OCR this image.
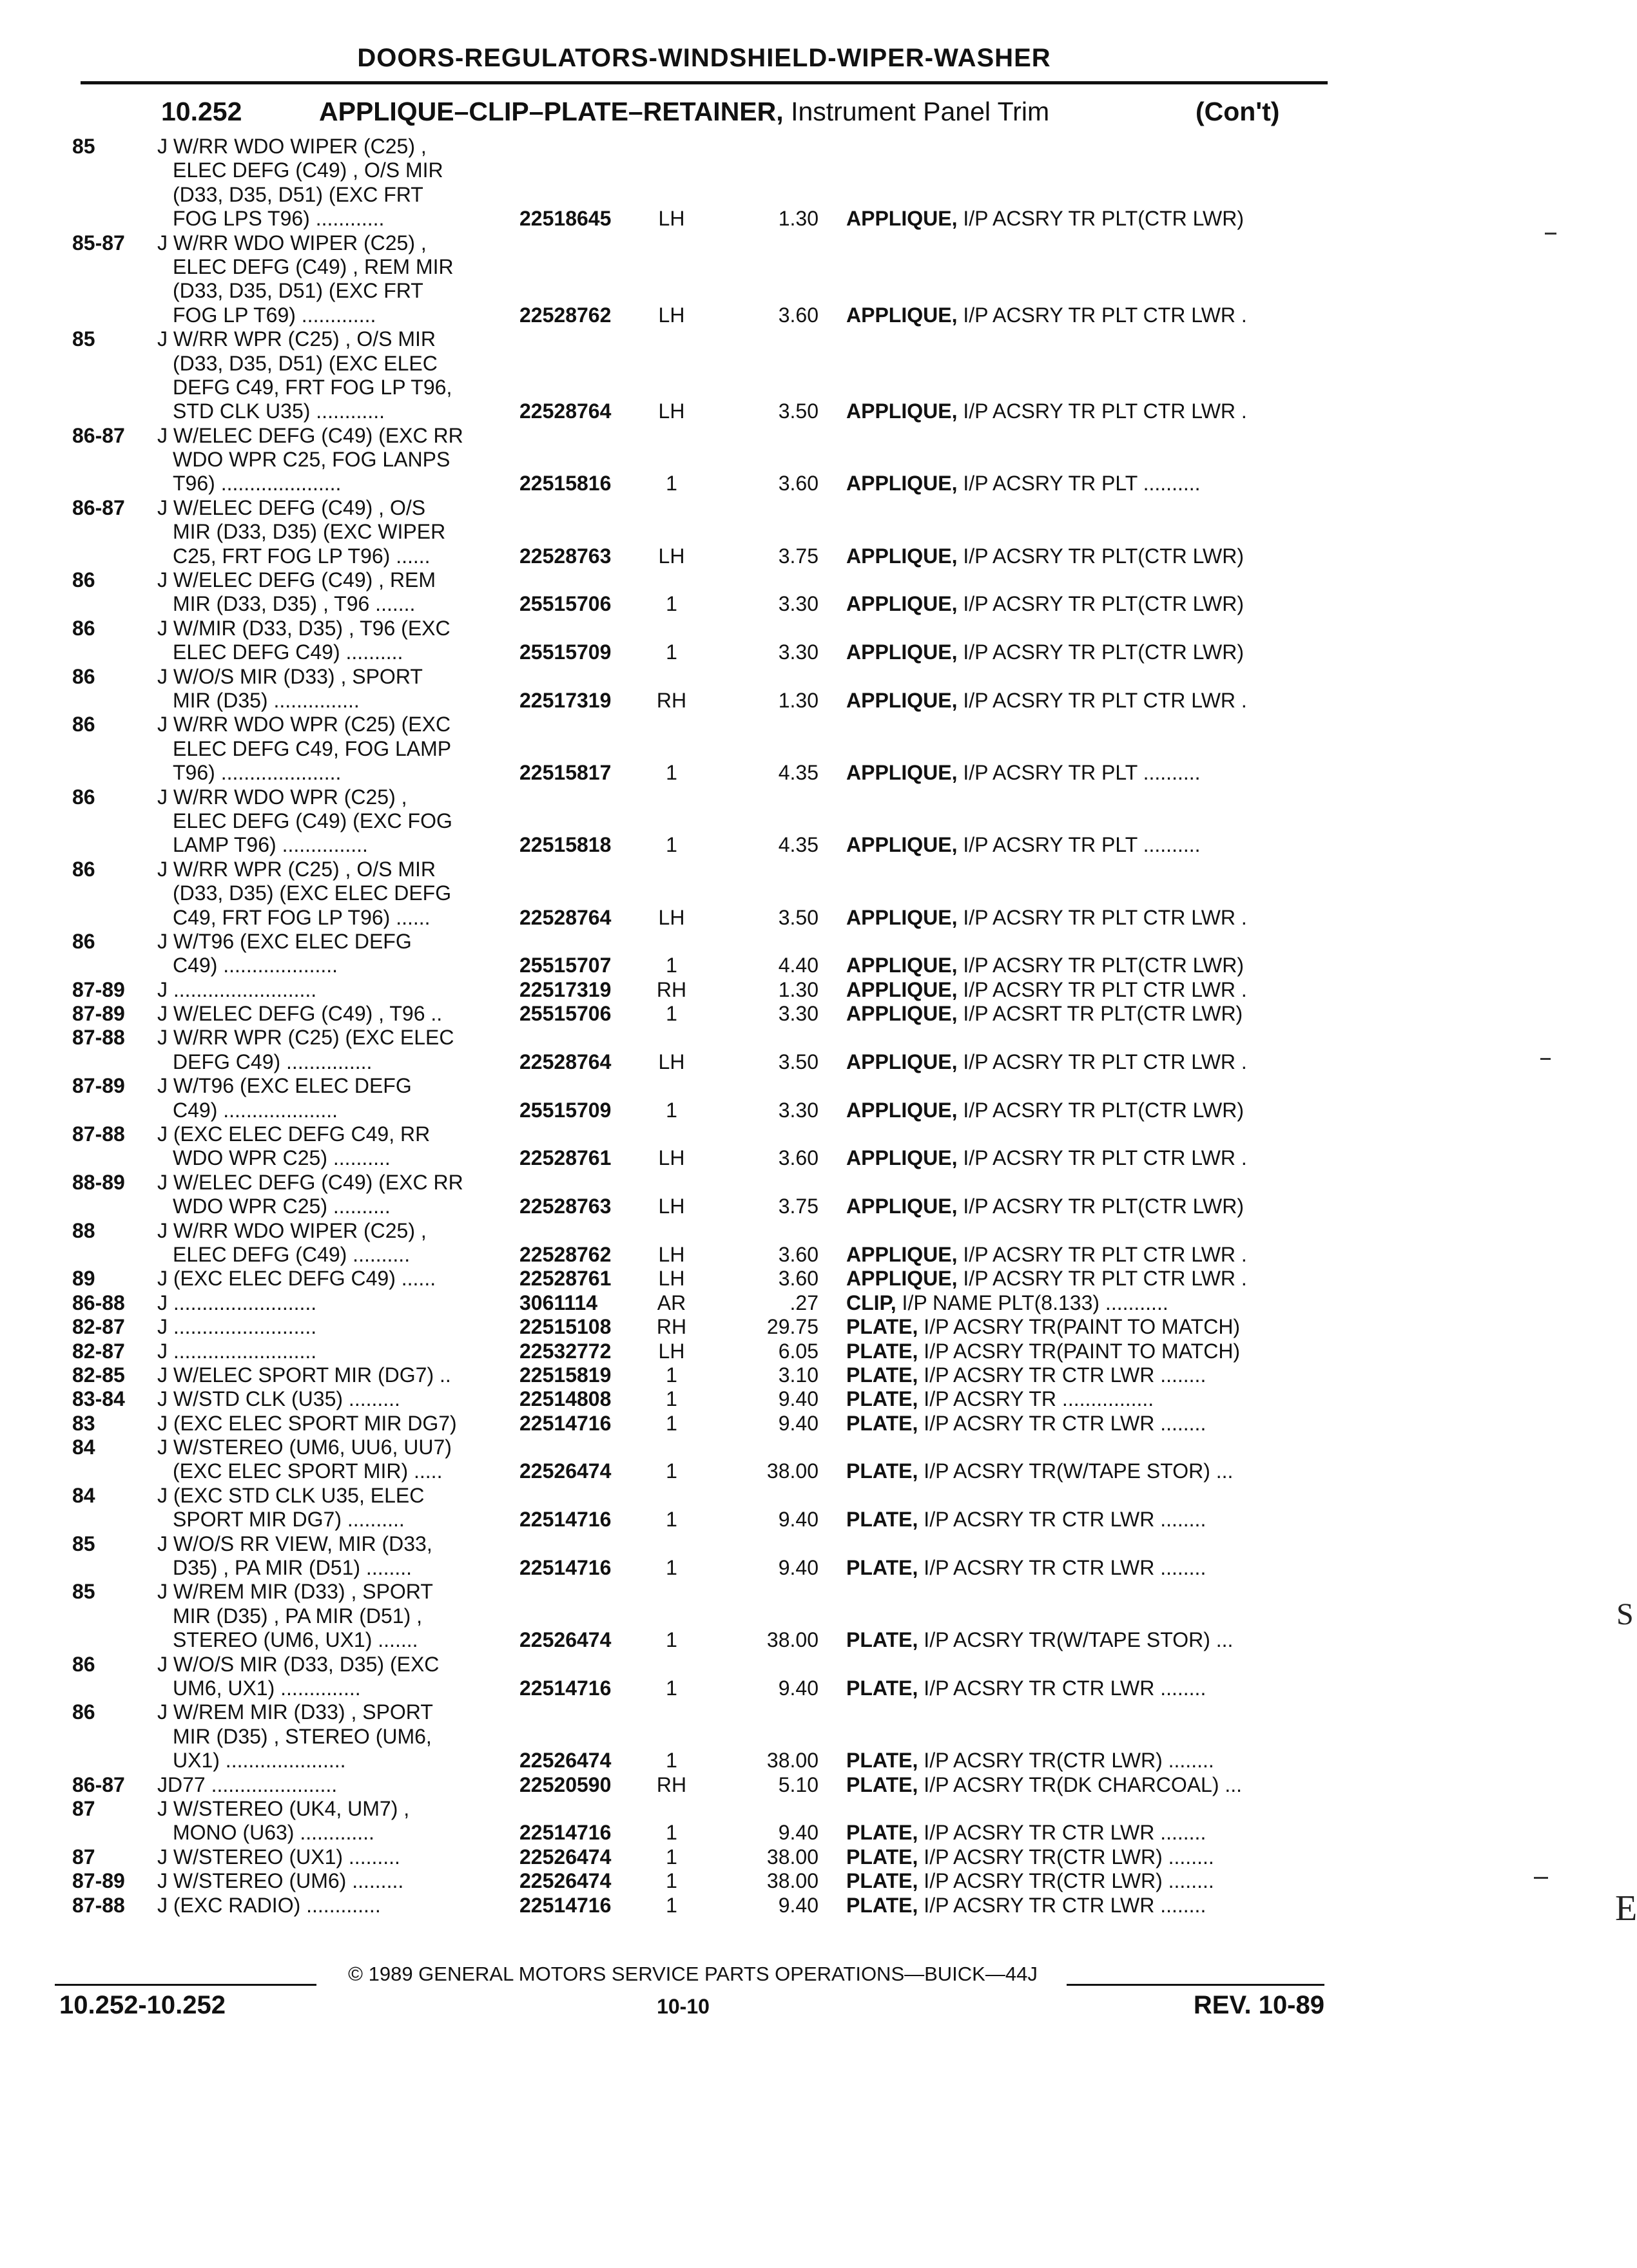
DOORS-REGULATORS-WINDSHIELD-WIPER-WASHER
10.252	APPLIQUE–CLIP–PLATE–RETAINER, Instrument Panel Trim	(Con't)
85	J W/RR WDO WIPER (C25) ,
ELEC DEFG (C49) , O/S MIR
(D33, D35, D51) (EXC FRT
FOG LPS T96) ............	22518645	LH	1.30 APPLIQUE, I/P ACSRY TR PLT(CTR LWR)
85-87	J W/RR WDO WIPER (C25) ,
ELEC DEFG (C49) , REM MIR
(D33, D35, D51) (EXC FRT
FOG LP T69) .............	22528762	LH	3.60 APPLIQUE, I/P ACSRY TR PLT CTR LWR .
85	J W/RR WPR (C25) , O/S MIR
(D33, D35, D51) (EXC ELEC
DEFG C49, FRT FOG LP T96,
STD CLK U35) ............	22528764	LH	3.50 APPLIQUE, I/P ACSRY TR PLT CTR LWR .
86-87	J W/ELEC DEFG (C49) (EXC RR
WDO WPR C25, FOG LANPS
T96) .....................	22515816	1	3.60 APPLIQUE, I/P ACSRY TR PLT ..........
86-87	J W/ELEC DEFG (C49) , O/S
MIR (D33, D35) (EXC WIPER
C25, FRT FOG LP T96) ......	22528763	LH	3.75 APPLIQUE, I/P ACSRY TR PLT(CTR LWR)
86	J W/ELEC DEFG (C49) , REM
MIR (D33, D35) , T96 .......	25515706	1	3.30 APPLIQUE, I/P ACSRY TR PLT(CTR LWR)
86	J W/MIR (D33, D35) , T96 (EXC
ELEC DEFG C49) ..........	25515709	1	3.30 APPLIQUE, I/P ACSRY TR PLT(CTR LWR)
86	J W/O/S MIR (D33) , SPORT
MIR (D35) ...............	22517319	RH	1.30 APPLIQUE, I/P ACSRY TR PLT CTR LWR .
86	J W/RR WDO WPR (C25) (EXC
ELEC DEFG C49, FOG LAMP
T96) .....................	22515817	1	4.35 APPLIQUE, I/P ACSRY TR PLT ..........
86	J W/RR WDO WPR (C25) ,
ELEC DEFG (C49) (EXC FOG
LAMP T96) ...............	22515818	1	4.35 APPLIQUE, I/P ACSRY TR PLT ..........
86	J W/RR WPR (C25) , O/S MIR
(D33, D35) (EXC ELEC DEFG
C49, FRT FOG LP T96) ......	22528764	LH	3.50 APPLIQUE, I/P ACSRY TR PLT CTR LWR .
86	J W/T96 (EXC ELEC DEFG
C49) ....................	25515707	1	4.40 APPLIQUE, I/P ACSRY TR PLT(CTR LWR)
87-89	J .........................	22517319	RH	1.30 APPLIQUE, I/P ACSRY TR PLT CTR LWR .
87-89	J W/ELEC DEFG (C49) , T96 ..	25515706	1	3.30 APPLIQUE, I/P ACSRT TR PLT(CTR LWR)
87-88	J W/RR WPR (C25) (EXC ELEC
DEFG C49) ...............	22528764	LH	3.50 APPLIQUE, I/P ACSRY TR PLT CTR LWR .
87-89	J W/T96 (EXC ELEC DEFG
C49) ....................	25515709	1	3.30 APPLIQUE, I/P ACSRY TR PLT(CTR LWR)
87-88	J (EXC ELEC DEFG C49, RR
WDO WPR C25) ..........	22528761	LH	3.60 APPLIQUE, I/P ACSRY TR PLT CTR LWR .
88-89	J W/ELEC DEFG (C49) (EXC RR
WDO WPR C25) ..........	22528763	LH	3.75 APPLIQUE, I/P ACSRY TR PLT(CTR LWR)
88	J W/RR WDO WIPER (C25) ,
ELEC DEFG (C49) ..........	22528762	LH	3.60 APPLIQUE, I/P ACSRY TR PLT CTR LWR .
89	J (EXC ELEC DEFG C49) ......	22528761	LH	3.60 APPLIQUE, I/P ACSRY TR PLT CTR LWR .
86-88	J .........................	3061114	AR	.27 CLIP, I/P NAME PLT(8.133) ...........
82-87	J .........................	22515108	RH	29.75 PLATE, I/P ACSRY TR(PAINT TO MATCH)
82-87	J .........................	22532772	LH	6.05 PLATE, I/P ACSRY TR(PAINT TO MATCH)
82-85	J W/ELEC SPORT MIR (DG7) ..	22515819	1	3.10 PLATE, I/P ACSRY TR CTR LWR ........
83-84	J W/STD CLK (U35) .........	22514808	1	9.40 PLATE, I/P ACSRY TR ................
83	J (EXC ELEC SPORT MIR DG7)	22514716	1	9.40 PLATE, I/P ACSRY TR CTR LWR ........
84	J W/STEREO (UM6, UU6, UU7)
(EXC ELEC SPORT MIR) .....	22526474	1	38.00 PLATE, I/P ACSRY TR(W/TAPE STOR) ...
84	J (EXC STD CLK U35, ELEC
SPORT MIR DG7) ..........	22514716	1	9.40 PLATE, I/P ACSRY TR CTR LWR ........
85	J W/O/S RR VIEW, MIR (D33,
D35) , PA MIR (D51) ........	22514716	1	9.40 PLATE, I/P ACSRY TR CTR LWR ........
85	J W/REM MIR (D33) , SPORT
MIR (D35) , PA MIR (D51) ,
STEREO (UM6, UX1) .......	22526474	1	38.00 PLATE, I/P ACSRY TR(W/TAPE STOR) ...
86	J W/O/S MIR (D33, D35) (EXC
UM6, UX1) ..............	22514716	1	9.40 PLATE, I/P ACSRY TR CTR LWR ........
86	J W/REM MIR (D33) , SPORT
MIR (D35) , STEREO (UM6,
UX1) .....................	22526474	1	38.00 PLATE, I/P ACSRY TR(CTR LWR) ........
86-87	JD77 ......................	22520590	RH	5.10 PLATE, I/P ACSRY TR(DK CHARCOAL) ...
87	J W/STEREO (UK4, UM7) ,
MONO (U63) .............	22514716	1	9.40 PLATE, I/P ACSRY TR CTR LWR ........
87	J W/STEREO (UX1) .........	22526474	1	38.00 PLATE, I/P ACSRY TR(CTR LWR) ........
87-89	J W/STEREO (UM6) .........	22526474	1	38.00 PLATE, I/P ACSRY TR(CTR LWR) ........
87-88	J (EXC RADIO) .............	22514716	1	9.40 PLATE, I/P ACSRY TR CTR LWR ........
© 1989 GENERAL MOTORS SERVICE PARTS OPERATIONS—BUICK—44J
10.252-10.252	10-10	REV. 10-89
S
E
